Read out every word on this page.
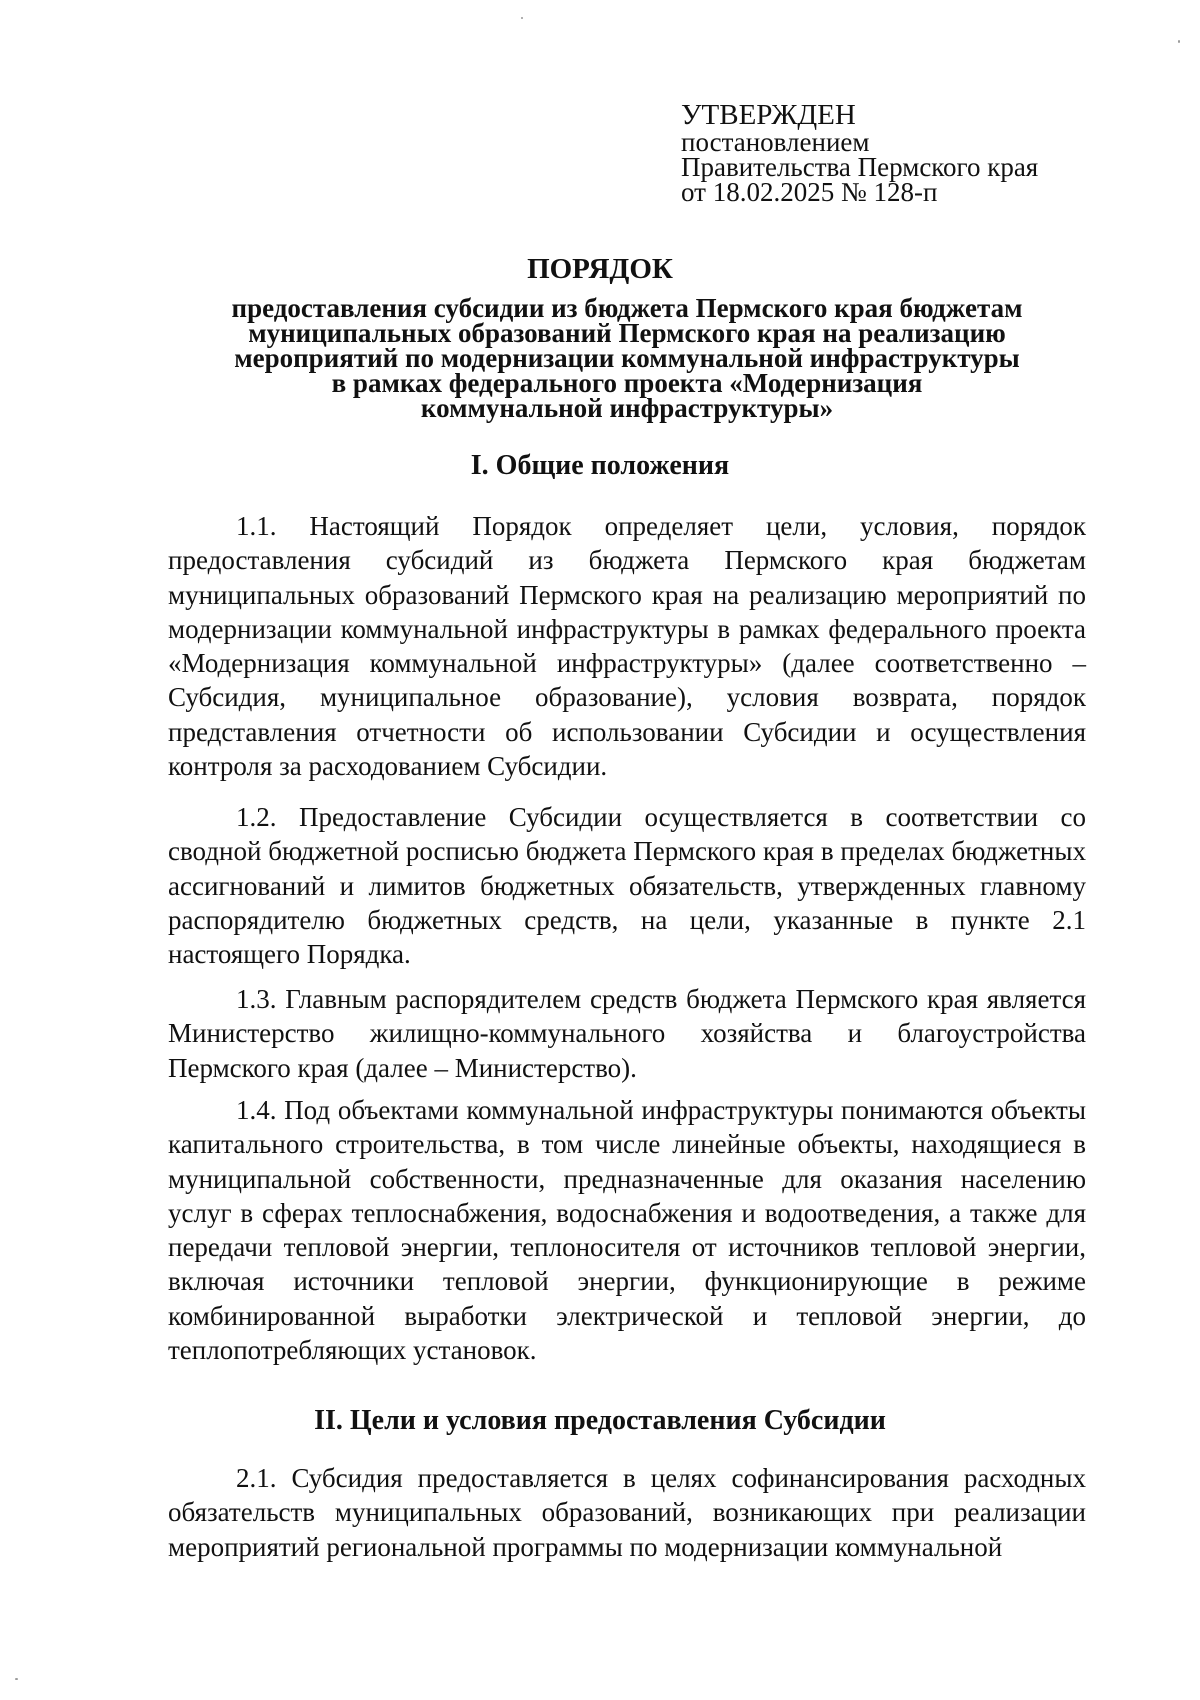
УТВЕРЖДЕН
постановлением
Правительства Пермского края
от 18.02.2025 № 128-п
ПОРЯДОК
предоставления субсидии из бюджета Пермского края бюджетам
муниципальных образований Пермского края на реализацию
мероприятий по модернизации коммунальной инфраструктуры
в рамках федерального проекта «Модернизация
коммунальной инфраструктуры»
I. Общие положения

1.1. Настоящий Порядок определяет цели, условия, порядок предоставления субсидий из бюджета Пермского края бюджетам муниципальных образований Пермского края на реализацию мероприятий по модернизации коммунальной инфраструктуры в рамках федерального проекта «Модернизация коммунальной инфраструктуры» (далее соответственно – Субсидия, муниципальное образование), условия возврата, порядок представления отчетности об использовании Субсидии и осуществления контроля за расходованием Субсидии.

1.2. Предоставление Субсидии осуществляется в соответствии со сводной бюджетной росписью бюджета Пермского края в пределах бюджетных ассигнований и лимитов бюджетных обязательств, утвержденных главному распорядителю бюджетных средств, на цели, указанные в пункте 2.1 настоящего Порядка.

1.3. Главным распорядителем средств бюджета Пермского края является Министерство жилищно-коммунального хозяйства и благоустройства Пермского края (далее – Министерство).

1.4. Под объектами коммунальной инфраструктуры понимаются объекты капитального строительства, в том числе линейные объекты, находящиеся в муниципальной собственности, предназначенные для оказания населению услуг в сферах теплоснабжения, водоснабжения и водоотведения, а также для передачи тепловой энергии, теплоносителя от источников тепловой энергии, включая источники тепловой энергии, функционирующие в режиме комбинированной выработки электрической и тепловой энергии, до теплопотребляющих установок.

II. Цели и условия предоставления Субсидии

2.1. Субсидия предоставляется в целях софинансирования расходных обязательств муниципальных образований, возникающих при реализации мероприятий региональной программы по модернизации коммунальной
